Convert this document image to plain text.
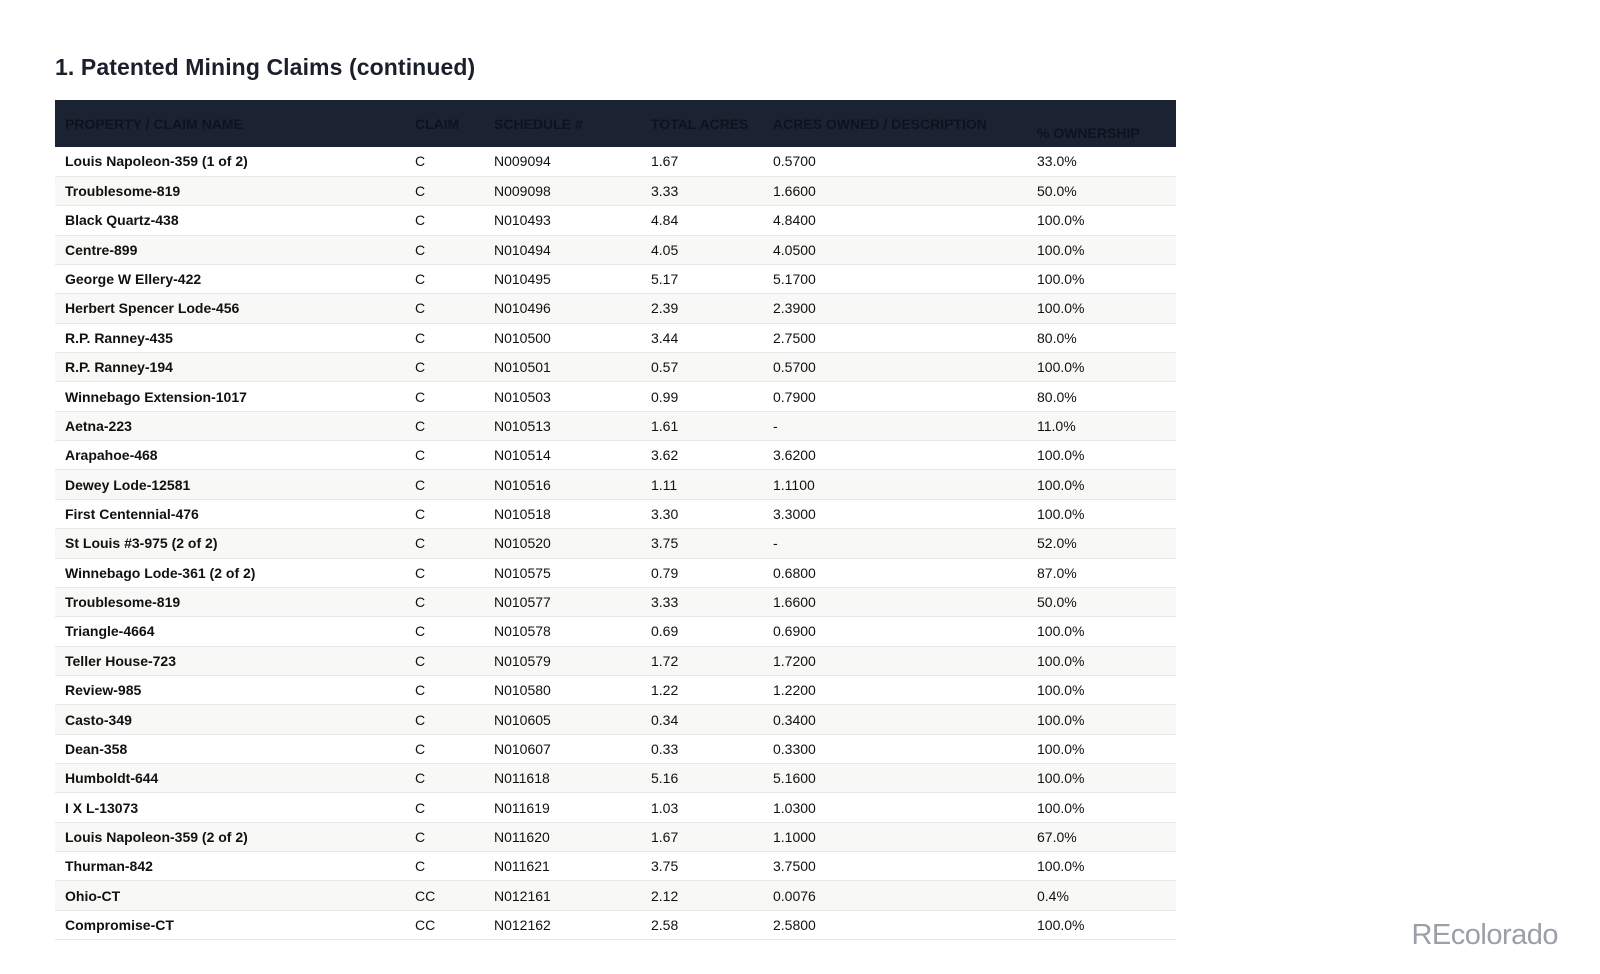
1. Patented Mining Claims (continued)
PROPERTY / CLAIM NAME	CLAIM	SCHEDULE #	TOTAL ACRES	ACRES OWNED / DESCRIPTION	% OWNERSHIP
Louis Napoleon-359 (1 of 2)	C	N009094	1.67	0.5700	33.0%
Troublesome-819	C	N009098	3.33	1.6600	50.0%
Black Quartz-438	C	N010493	4.84	4.8400	100.0%
Centre-899	C	N010494	4.05	4.0500	100.0%
George W Ellery-422	C	N010495	5.17	5.1700	100.0%
Herbert Spencer Lode-456	C	N010496	2.39	2.3900	100.0%
R.P. Ranney-435	C	N010500	3.44	2.7500	80.0%
R.P. Ranney-194	C	N010501	0.57	0.5700	100.0%
Winnebago Extension-1017	C	N010503	0.99	0.7900	80.0%
Aetna-223	C	N010513	1.61	-	11.0%
Arapahoe-468	C	N010514	3.62	3.6200	100.0%
Dewey Lode-12581	C	N010516	1.11	1.1100	100.0%
First Centennial-476	C	N010518	3.30	3.3000	100.0%
St Louis #3-975 (2 of 2)	C	N010520	3.75	-	52.0%
Winnebago Lode-361 (2 of 2)	C	N010575	0.79	0.6800	87.0%
Troublesome-819	C	N010577	3.33	1.6600	50.0%
Triangle-4664	C	N010578	0.69	0.6900	100.0%
Teller House-723	C	N010579	1.72	1.7200	100.0%
Review-985	C	N010580	1.22	1.2200	100.0%
Casto-349	C	N010605	0.34	0.3400	100.0%
Dean-358	C	N010607	0.33	0.3300	100.0%
Humboldt-644	C	N011618	5.16	5.1600	100.0%
I X L-13073	C	N011619	1.03	1.0300	100.0%
Louis Napoleon-359 (2 of 2)	C	N011620	1.67	1.1000	67.0%
Thurman-842	C	N011621	3.75	3.7500	100.0%
Ohio-CT	CC	N012161	2.12	0.0076	0.4%
Compromise-CT	CC	N012162	2.58	2.5800	100.0%	REcolorado
